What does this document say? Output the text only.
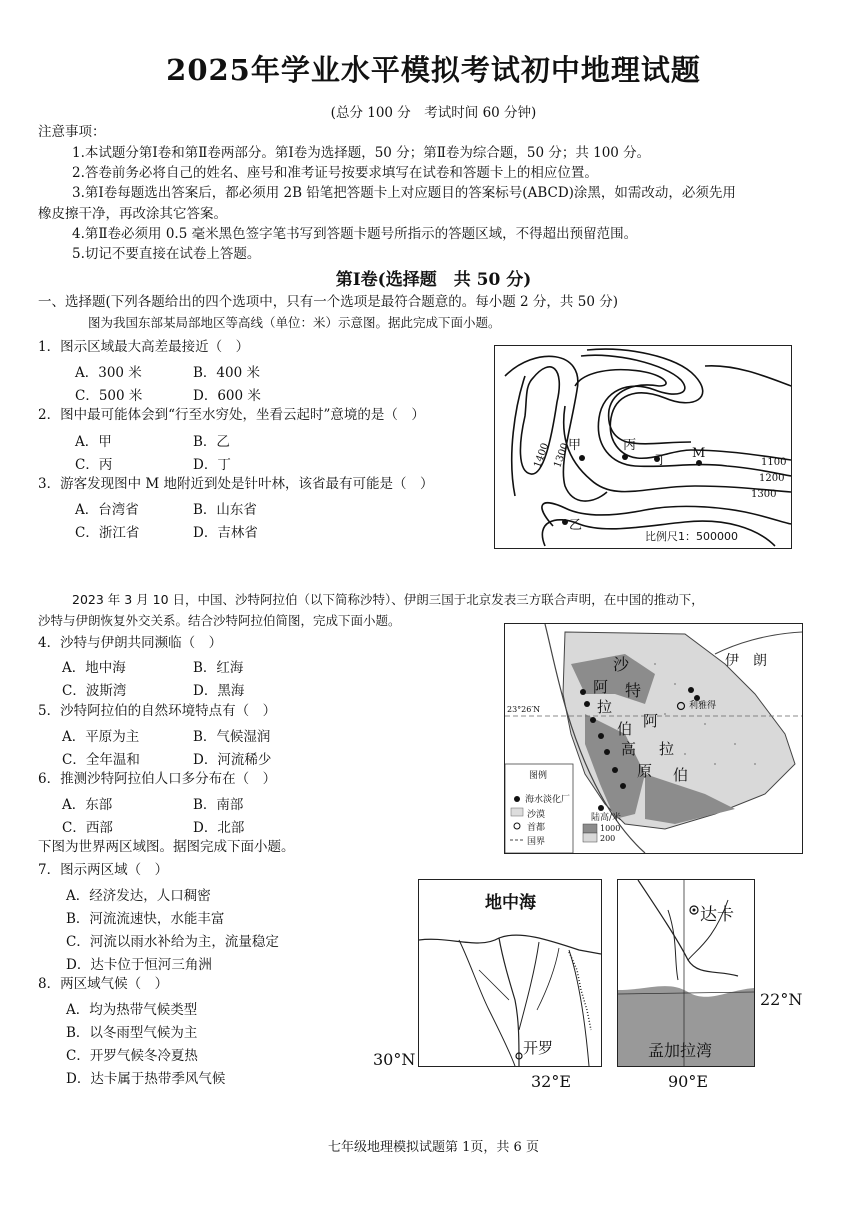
2025年学业水平模拟考试初中地理试题
(总分 100 分　考试时间 60 分钟)
注意事项：
1.本试题分第Ⅰ卷和第Ⅱ卷两部分。第Ⅰ卷为选择题，50 分；第Ⅱ卷为综合题，50 分；共 100 分。
2.答卷前务必将自己的姓名、座号和准考证号按要求填写在试卷和答题卡上的相应位置。
3.第Ⅰ卷每题选出答案后，都必须用 2B 铅笔把答题卡上对应题目的答案标号(ABCD)涂黑，如需改动，必须先用
橡皮擦干净，再改涂其它答案。
4.第Ⅱ卷必须用 0.5 毫米黑色签字笔书写到答题卡题号所指示的答题区域，不得超出预留范围。
5.切记不要直接在试卷上答题。
第Ⅰ卷(选择题　共 50 分)
一、选择题(下列各题给出的四个选项中，只有一个选项是最符合题意的。每小题 2 分，共 50 分)
图为我国东部某局部地区等高线（单位：米）示意图。据此完成下面小题。
1．图示区域最大高差最接近（　）
A．300 米	B．400 米
C．500 米	D．600 米
2．图中最可能体会到“行至水穷处，坐看云起时”意境的是（　）
A．甲	B．乙
C．丙	D．丁
3．游客发现图中 M 地附近到处是针叶林，该省最有可能是（　）
A．台湾省	B．山东省
C．浙江省	D．吉林省
甲	丙
丁 M
乙
1400 1300	1100
1200
1300
比例尺1：500000
2023 年 3 月 10 日，中国、沙特阿拉伯（以下简称沙特）、伊朗三国于北京发表三方联合声明，在中国的推动下，
沙特与伊朗恢复外交关系。结合沙特阿拉伯简图，完成下面小题。
4．沙特与伊朗共同濒临（　）
A．地中海	B．红海
C．波斯湾	D．黑海
5．沙特阿拉伯的自然环境特点有（　）
A．平原为主	B．气候湿润
C．全年温和	D．河流稀少
6．推测沙特阿拉伯人口多分布在（　）
A．东部	B．南部
C．西部	D．北部
伊　朗
沙
特
阿
拉
伯
高
原
阿
拉
伯
利雅得
23°26′N
图例
海水淡化厂
沙漠
首都
国界
陆高/米
1000
200
下图为世界两区域图。据图完成下面小题。
7．图示两区域（　）
A．经济发达，人口稠密
B．河流流速快，水能丰富
C．河流以雨水补给为主，流量稳定
D．达卡位于恒河三角洲
8．两区域气候（　）
A．均为热带气候类型
B．以冬雨型气候为主
C．开罗气候冬冷夏热
D．达卡属于热带季风气候
地中海
开罗
30°N
32°E
达卡
孟加拉湾
22°N
90°E
七年级地理模拟试题第 1页，共 6 页
